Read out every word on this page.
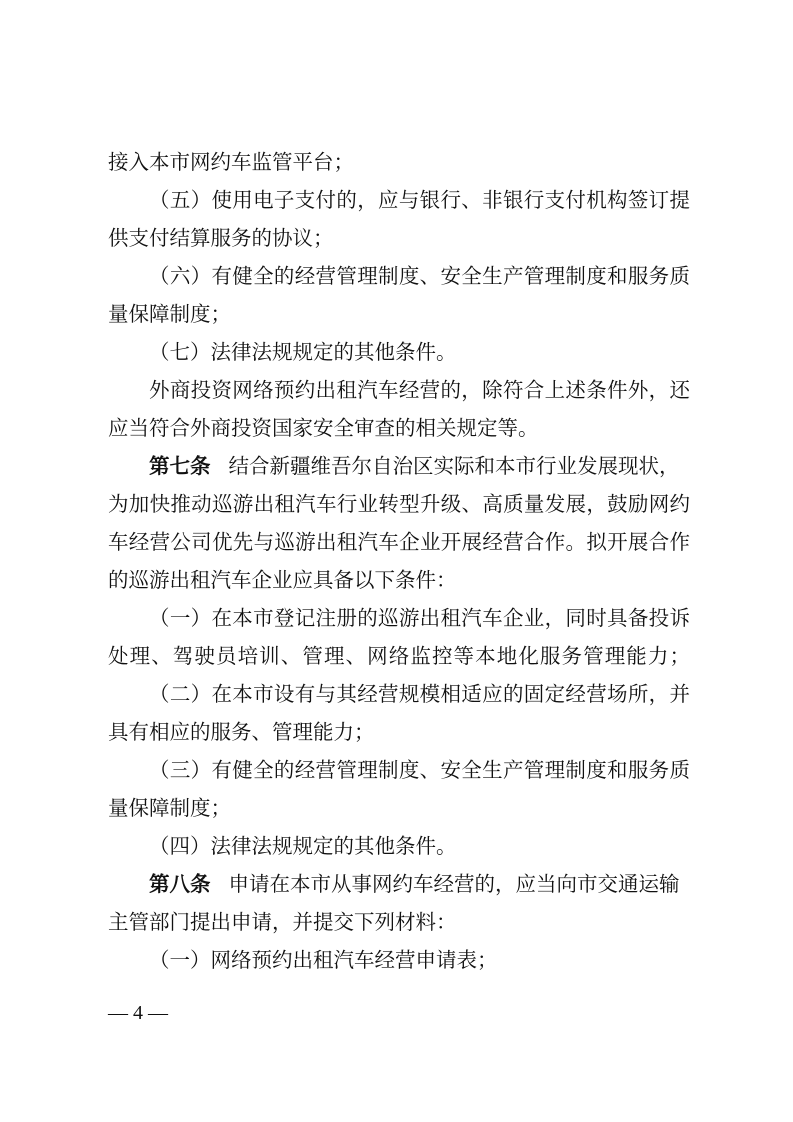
接入本市网约车监管平台；
（五）使用电子支付的，应与银行、非银行支付机构签订提
供支付结算服务的协议；
（六）有健全的经营管理制度、安全生产管理制度和服务质
量保障制度；
（七）法律法规规定的其他条件。
外商投资网络预约出租汽车经营的，除符合上述条件外，还
应当符合外商投资国家安全审查的相关规定等。
第七条 结合新疆维吾尔自治区实际和本市行业发展现状，
为加快推动巡游出租汽车行业转型升级、高质量发展，鼓励网约
车经营公司优先与巡游出租汽车企业开展经营合作。拟开展合作
的巡游出租汽车企业应具备以下条件：
（一）在本市登记注册的巡游出租汽车企业，同时具备投诉
处理、驾驶员培训、管理、网络监控等本地化服务管理能力；
（二）在本市设有与其经营规模相适应的固定经营场所，并
具有相应的服务、管理能力；
（三）有健全的经营管理制度、安全生产管理制度和服务质
量保障制度；
（四）法律法规规定的其他条件。
第八条 申请在本市从事网约车经营的，应当向市交通运输
主管部门提出申请，并提交下列材料：
（一）网络预约出租汽车经营申请表；
— 4 —
